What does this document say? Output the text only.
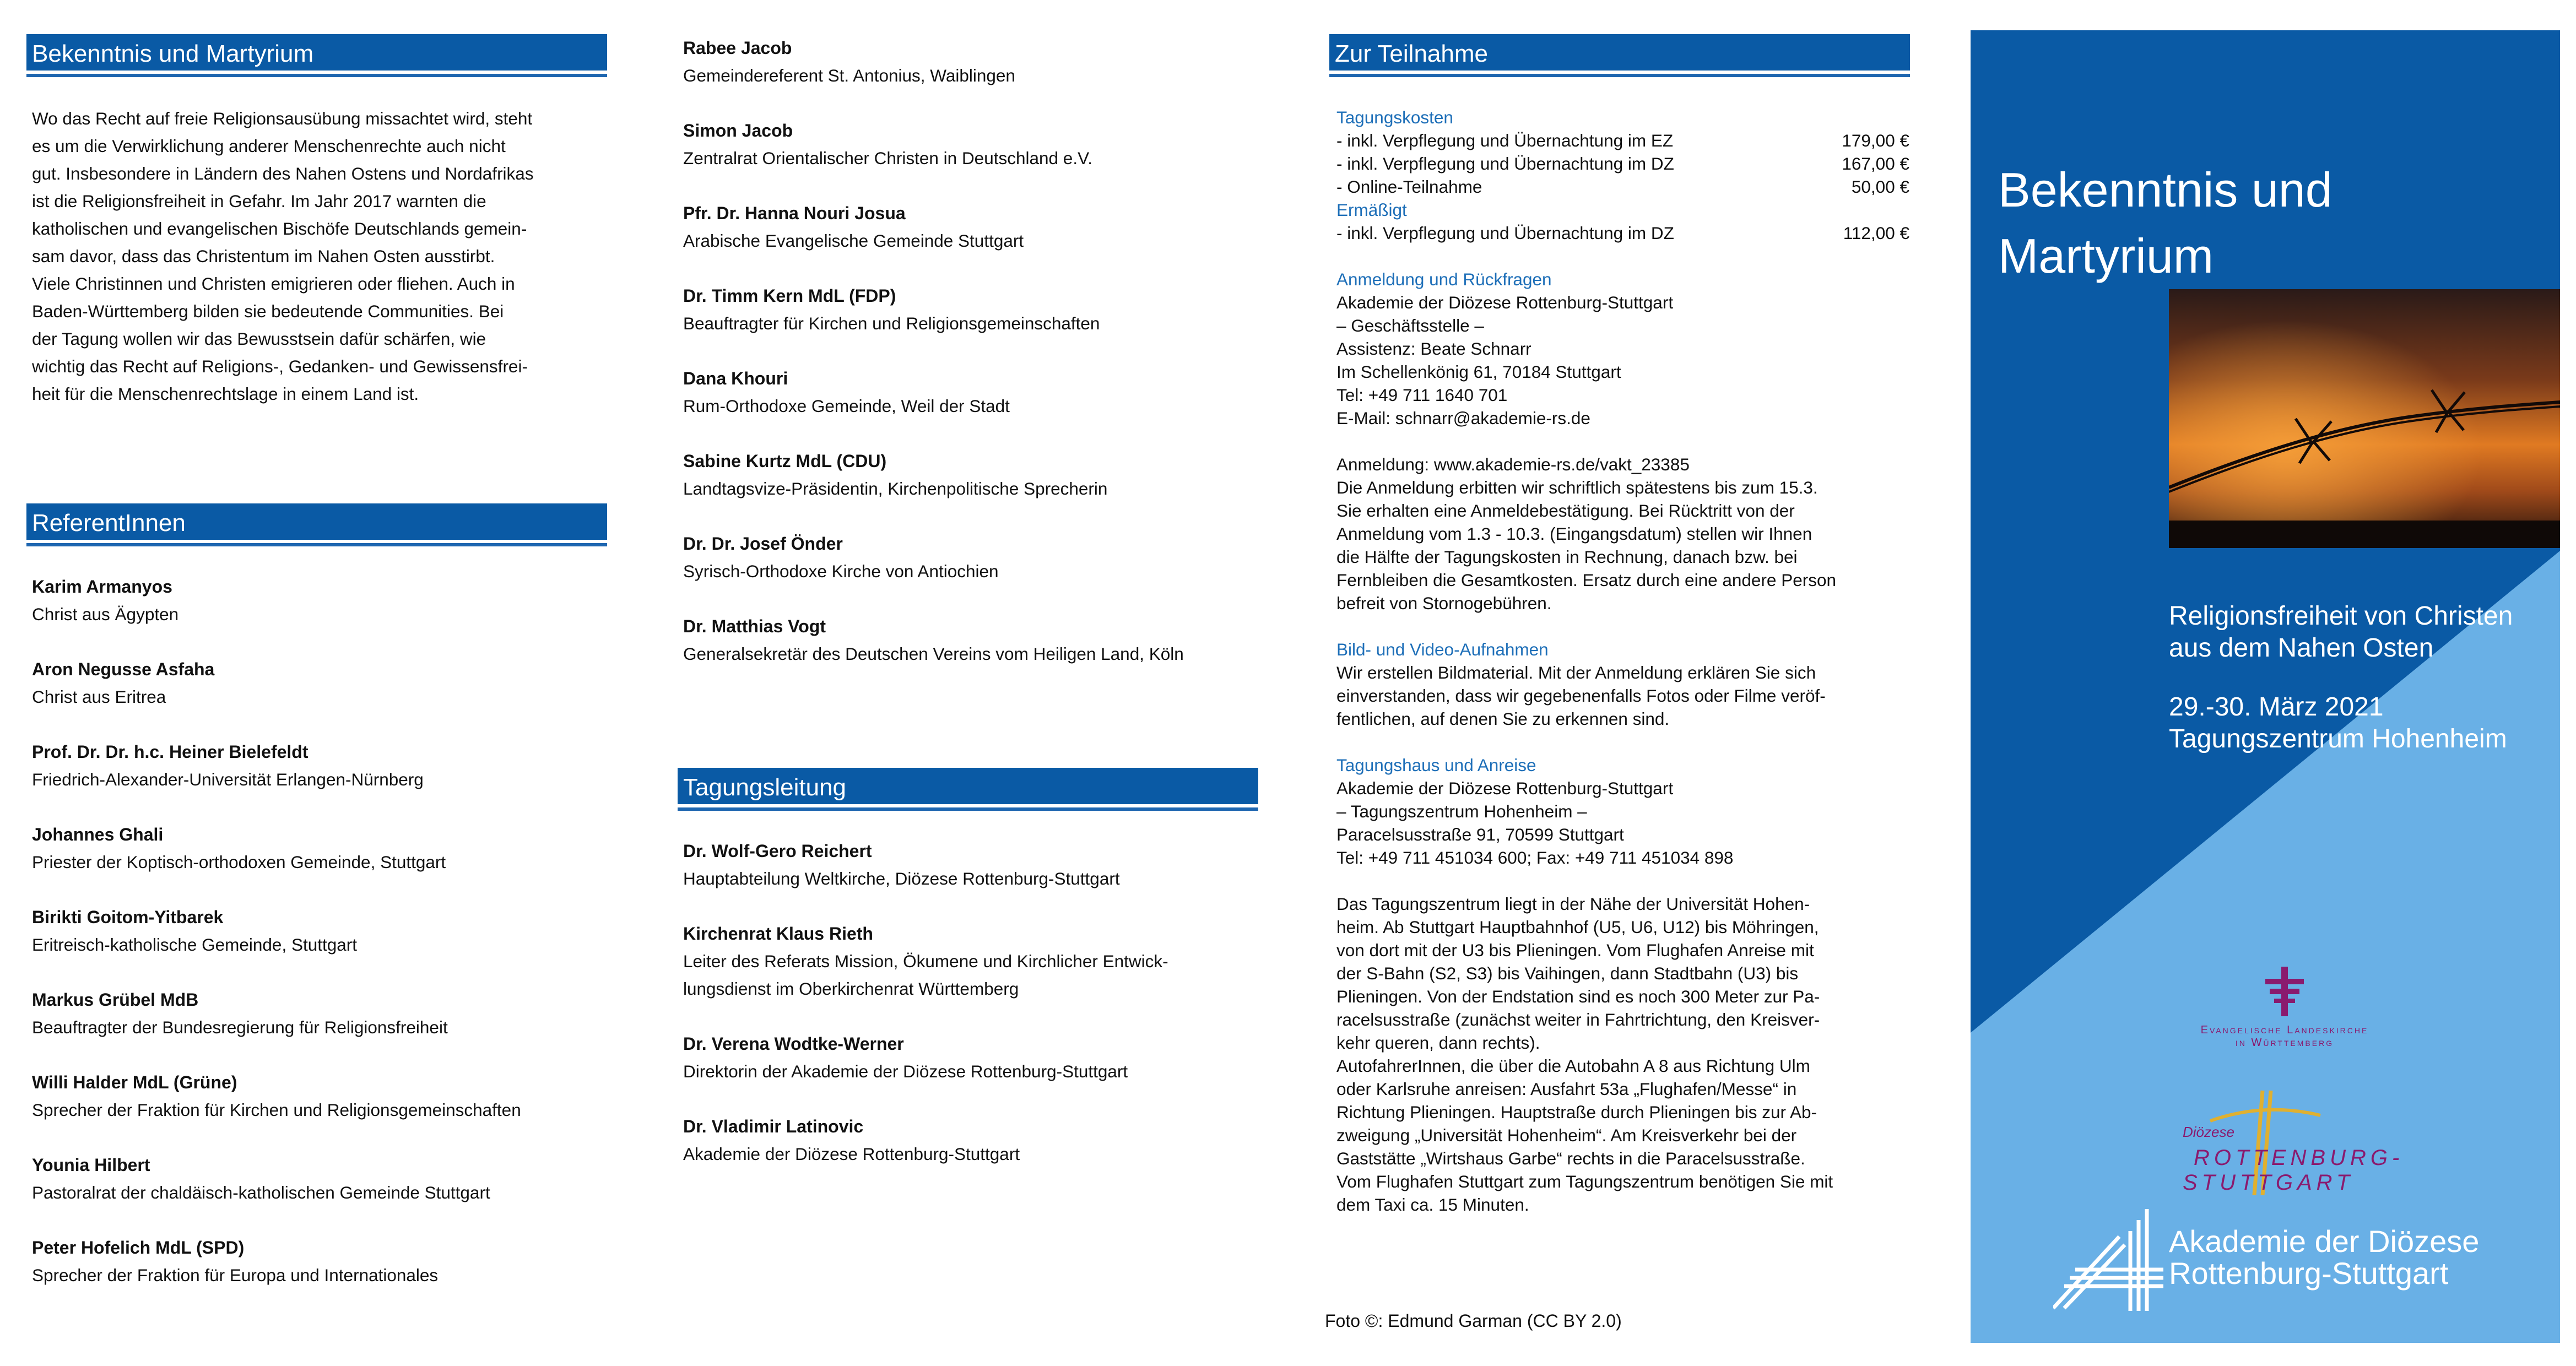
Bekenntnis und Martyrium

Wo das Recht auf freie Religionsausübung missachtet wird, steht

es um die Verwirklichung anderer Menschenrechte auch nicht

gut. Insbesondere in Ländern des Nahen Ostens und Nordafrikas

ist die Religionsfreiheit in Gefahr. Im Jahr 2017 warnten die

katholischen und evangelischen Bischöfe Deutschlands gemein-

sam davor, dass das Christentum im Nahen Osten ausstirbt.

Viele Christinnen und Christen emigrieren oder fliehen. Auch in

Baden-Württemberg bilden sie bedeutende Communities. Bei

der Tagung wollen wir das Bewusstsein dafür schärfen, wie

wichtig das Recht auf Religions-, Gedanken- und Gewissensfrei-

heit für die Menschenrechtslage in einem Land ist.

ReferentInnen
Karim Armanyos
Christ aus Ägypten
Aron Negusse Asfaha
Christ aus Eritrea
Prof. Dr. Dr. h.c. Heiner Bielefeldt
Friedrich-Alexander-Universität Erlangen-Nürnberg
Johannes Ghali
Priester der Koptisch-orthodoxen Gemeinde, Stuttgart
Birikti Goitom-Yitbarek
Eritreisch-katholische Gemeinde, Stuttgart
Markus Grübel MdB
Beauftragter der Bundesregierung für Religionsfreiheit
Willi Halder MdL (Grüne)
Sprecher der Fraktion für Kirchen und Religionsgemeinschaften
Younia Hilbert
Pastoralrat der chaldäisch-katholischen Gemeinde Stuttgart
Peter Hofelich MdL (SPD)
Sprecher der Fraktion für Europa und Internationales
Rabee Jacob
Gemeindereferent St. Antonius, Waiblingen
Simon Jacob
Zentralrat Orientalischer Christen in Deutschland e.V.
Pfr. Dr. Hanna Nouri Josua
Arabische Evangelische Gemeinde Stuttgart
Dr. Timm Kern MdL (FDP)
Beauftragter für Kirchen und Religionsgemeinschaften
Dana Khouri
Rum-Orthodoxe Gemeinde, Weil der Stadt
Sabine Kurtz MdL (CDU)
Landtagsvize-Präsidentin, Kirchenpolitische Sprecherin
Dr. Dr. Josef Önder
Syrisch-Orthodoxe Kirche von Antiochien
Dr. Matthias Vogt
Generalsekretär des Deutschen Vereins vom Heiligen Land, Köln
Tagungsleitung
Dr. Wolf-Gero Reichert
Hauptabteilung Weltkirche, Diözese Rottenburg-Stuttgart
Kirchenrat Klaus Rieth
Leiter des Referats Mission, Ökumene und Kirchlicher Entwick-
lungsdienst im Oberkirchenrat Württemberg
Dr. Verena Wodtke-Werner
Direktorin der Akademie der Diözese Rottenburg-Stuttgart
Dr. Vladimir Latinovic
Akademie der Diözese Rottenburg-Stuttgart
Zur Teilnahme
Tagungskosten
- inkl. Verpflegung und Übernachtung im EZ	179,00 €
- inkl. Verpflegung und Übernachtung im DZ	167,00 €
- Online-Teilnahme	50,00 €
Ermäßigt
- inkl. Verpflegung und Übernachtung im DZ	112,00 €
Anmeldung und Rückfragen
Akademie der Diözese Rottenburg-Stuttgart
– Geschäftsstelle –
Assistenz: Beate Schnarr
Im Schellenkönig 61, 70184 Stuttgart
Tel: +49 711 1640 701
E-Mail: schnarr@akademie-rs.de
Anmeldung: www.akademie-rs.de/vakt_23385
Die Anmeldung erbitten wir schriftlich spätestens bis zum 15.3.
Sie erhalten eine Anmeldebestätigung. Bei Rücktritt von der
Anmeldung vom 1.3 - 10.3. (Eingangsdatum) stellen wir Ihnen
die Hälfte der Tagungskosten in Rechnung, danach bzw. bei
Fernbleiben die Gesamtkosten. Ersatz durch eine andere Person
befreit von Stornogebühren.
Bild- und Video-Aufnahmen
Wir erstellen Bildmaterial. Mit der Anmeldung erklären Sie sich
einverstanden, dass wir gegebenenfalls Fotos oder Filme veröf-
fentlichen, auf denen Sie zu erkennen sind.
Tagungshaus und Anreise
Akademie der Diözese Rottenburg-Stuttgart
– Tagungszentrum Hohenheim –
Paracelsusstraße 91, 70599 Stuttgart
Tel: +49 711 451034 600; Fax: +49 711 451034 898
Das Tagungszentrum liegt in der Nähe der Universität Hohen-
heim. Ab Stuttgart Hauptbahnhof (U5, U6, U12) bis Möhringen,
von dort mit der U3 bis Plieningen. Vom Flughafen Anreise mit
der S-Bahn (S2, S3) bis Vaihingen, dann Stadtbahn (U3) bis
Plieningen. Von der Endstation sind es noch 300 Meter zur Pa-
racelsusstraße (zunächst weiter in Fahrtrichtung, den Kreisver-
kehr queren, dann rechts).
AutofahrerInnen, die über die Autobahn A 8 aus Richtung Ulm
oder Karlsruhe anreisen: Ausfahrt 53a „Flughafen/Messe“ in
Richtung Plieningen. Hauptstraße durch Plieningen bis zur Ab-
zweigung „Universität Hohenheim“. Am Kreisverkehr bei der
Gaststätte „Wirtshaus Garbe“ rechts in die Paracelsusstraße.
Vom Flughafen Stuttgart zum Tagungszentrum benötigen Sie mit
dem Taxi ca. 15 Minuten.
Foto ©: Edmund Garman (CC BY 2.0)
Bekenntnis und
Martyrium
Religionsfreiheit von Christen
aus dem Nahen Osten
29.-30. März 2021
Tagungszentrum Hohenheim
Evangelische Landeskirche
in Württemberg
Diözese
ROTTENBURG-
STUTTGART
Akademie der Diözese
Rottenburg-Stuttgart
